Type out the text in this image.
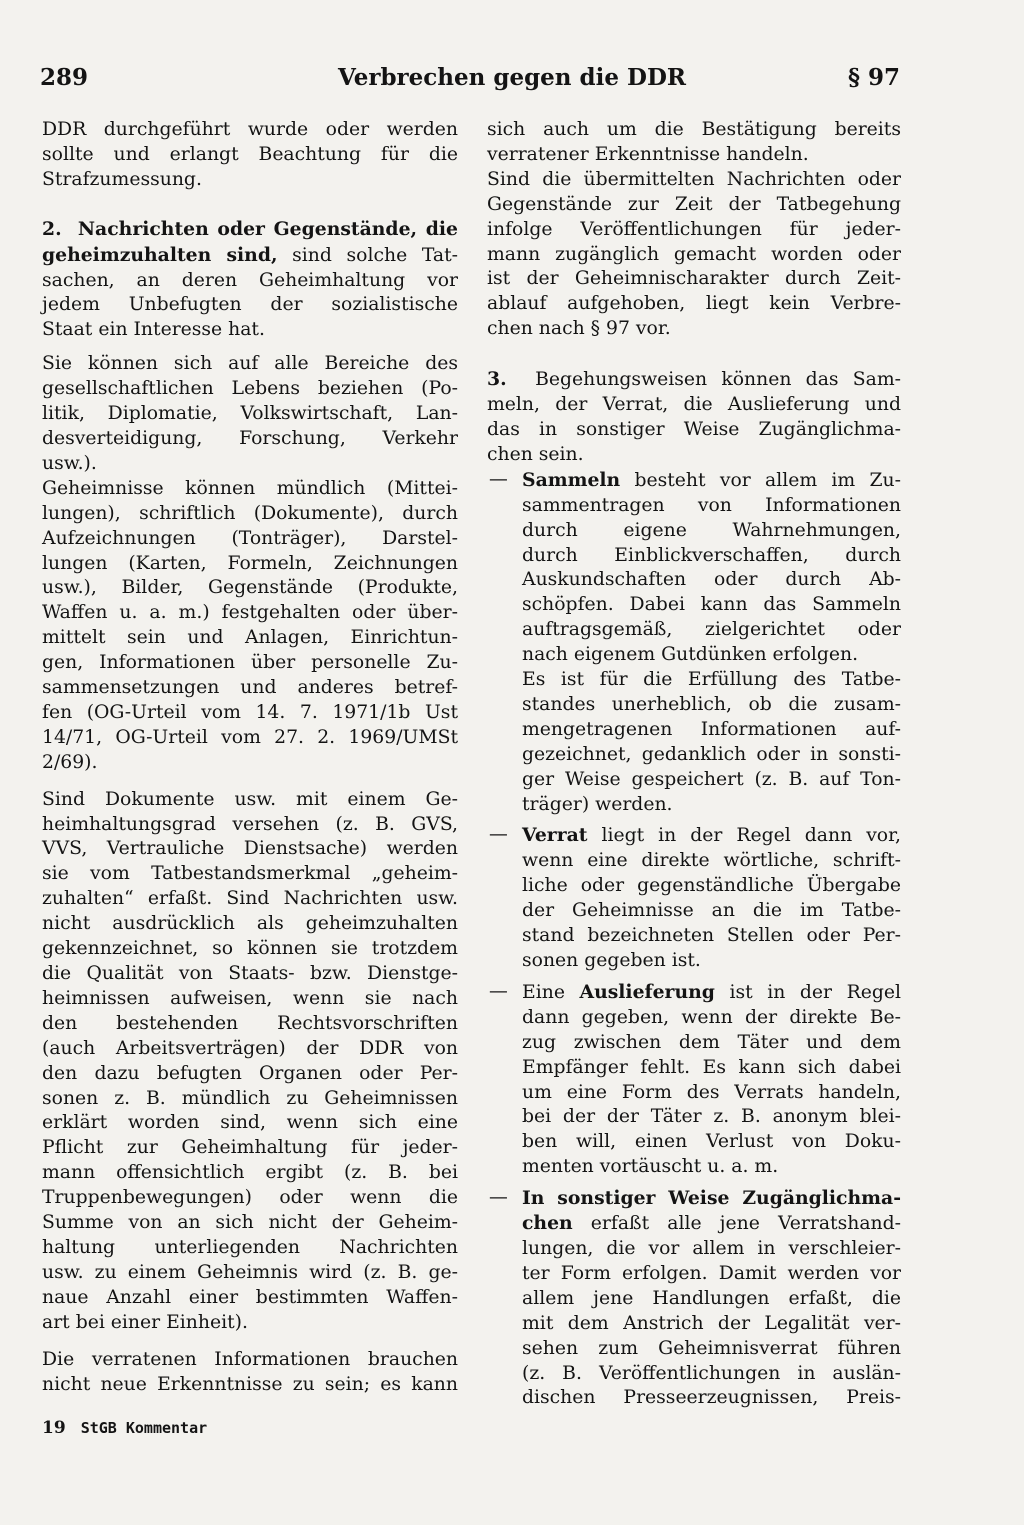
289	Verbrechen gegen die DDR	§ 97

DDR durchgeführt wurde oder werden

sollte und erlangt Beachtung für die

Strafzumessung.

2. Nachrichten oder Gegenstände, die

geheimzuhalten sind, sind solche Tat-

sachen, an deren Geheimhaltung vor

jedem Unbefugten der sozialistische

Staat ein Interesse hat.

Sie können sich auf alle Bereiche des

gesellschaftlichen Lebens beziehen (Po-

litik, Diplomatie, Volkswirtschaft, Lan-

desverteidigung, Forschung, Verkehr

usw.).

Geheimnisse können mündlich (Mittei-

lungen), schriftlich (Dokumente), durch

Aufzeichnungen (Tonträger), Darstel-

lungen (Karten, Formeln, Zeichnungen

usw.), Bilder, Gegenstände (Produkte,

Waffen u. a. m.) festgehalten oder über-

mittelt sein und Anlagen, Einrichtun-

gen, Informationen über personelle Zu-

sammensetzungen und anderes betref-

fen (OG-Urteil vom 14. 7. 1971/1b Ust

14/71, OG-Urteil vom 27. 2. 1969/UMSt

2/69).

Sind Dokumente usw. mit einem Ge-

heimhaltungsgrad versehen (z. B. GVS,

VVS, Vertrauliche Dienstsache) werden

sie vom Tatbestandsmerkmal „geheim-

zuhalten“ erfaßt. Sind Nachrichten usw.

nicht ausdrücklich als geheimzuhalten

gekennzeichnet, so können sie trotzdem

die Qualität von Staats- bzw. Dienstge-

heimnissen aufweisen, wenn sie nach

den bestehenden Rechtsvorschriften

(auch Arbeitsverträgen) der DDR von

den dazu befugten Organen oder Per-

sonen z. B. mündlich zu Geheimnissen

erklärt worden sind, wenn sich eine

Pflicht zur Geheimhaltung für jeder-

mann offensichtlich ergibt (z. B. bei

Truppenbewegungen) oder wenn die

Summe von an sich nicht der Geheim-

haltung unterliegenden Nachrichten

usw. zu einem Geheimnis wird (z. B. ge-

naue Anzahl einer bestimmten Waffen-

art bei einer Einheit).

Die verratenen Informationen brauchen

nicht neue Erkenntnisse zu sein; es kann

sich auch um die Bestätigung bereits

verratener Erkenntnisse handeln.

Sind die übermittelten Nachrichten oder

Gegenstände zur Zeit der Tatbegehung

infolge Veröffentlichungen für jeder-

mann zugänglich gemacht worden oder

ist der Geheimnischarakter durch Zeit-

ablauf aufgehoben, liegt kein Verbre-

chen nach § 97 vor.

3.  Begehungsweisen können das Sam-

meln, der Verrat, die Auslieferung und

das in sonstiger Weise Zugänglichma-

chen sein.

— Sammeln besteht vor allem im Zu-

sammentragen von Informationen

durch eigene Wahrnehmungen,

durch Einblickverschaffen, durch

Auskundschaften oder durch Ab-

schöpfen. Dabei kann das Sammeln

auftragsgemäß, zielgerichtet oder

nach eigenem Gutdünken erfolgen.

Es ist für die Erfüllung des Tatbe-

standes unerheblich, ob die zusam-

mengetragenen Informationen auf-

gezeichnet, gedanklich oder in sonsti-

ger Weise gespeichert (z. B. auf Ton-

träger) werden.

— Verrat liegt in der Regel dann vor,

wenn eine direkte wörtliche, schrift-

liche oder gegenständliche Übergabe

der Geheimnisse an die im Tatbe-

stand bezeichneten Stellen oder Per-

sonen gegeben ist.

— Eine Auslieferung ist in der Regel

dann gegeben, wenn der direkte Be-

zug zwischen dem Täter und dem

Empfänger fehlt. Es kann sich dabei

um eine Form des Verrats handeln,

bei der der Täter z. B. anonym blei-

ben will, einen Verlust von Doku-

menten vortäuscht u. a. m.

— In sonstiger Weise Zugänglichma-

chen erfaßt alle jene Verratshand-

lungen, die vor allem in verschleier-

ter Form erfolgen. Damit werden vor

allem jene Handlungen erfaßt, die

mit dem Anstrich der Legalität ver-

sehen zum Geheimnisverrat führen

(z. B. Veröffentlichungen in auslän-

dischen Presseerzeugnissen, Preis-

19 StGB Kommentar
